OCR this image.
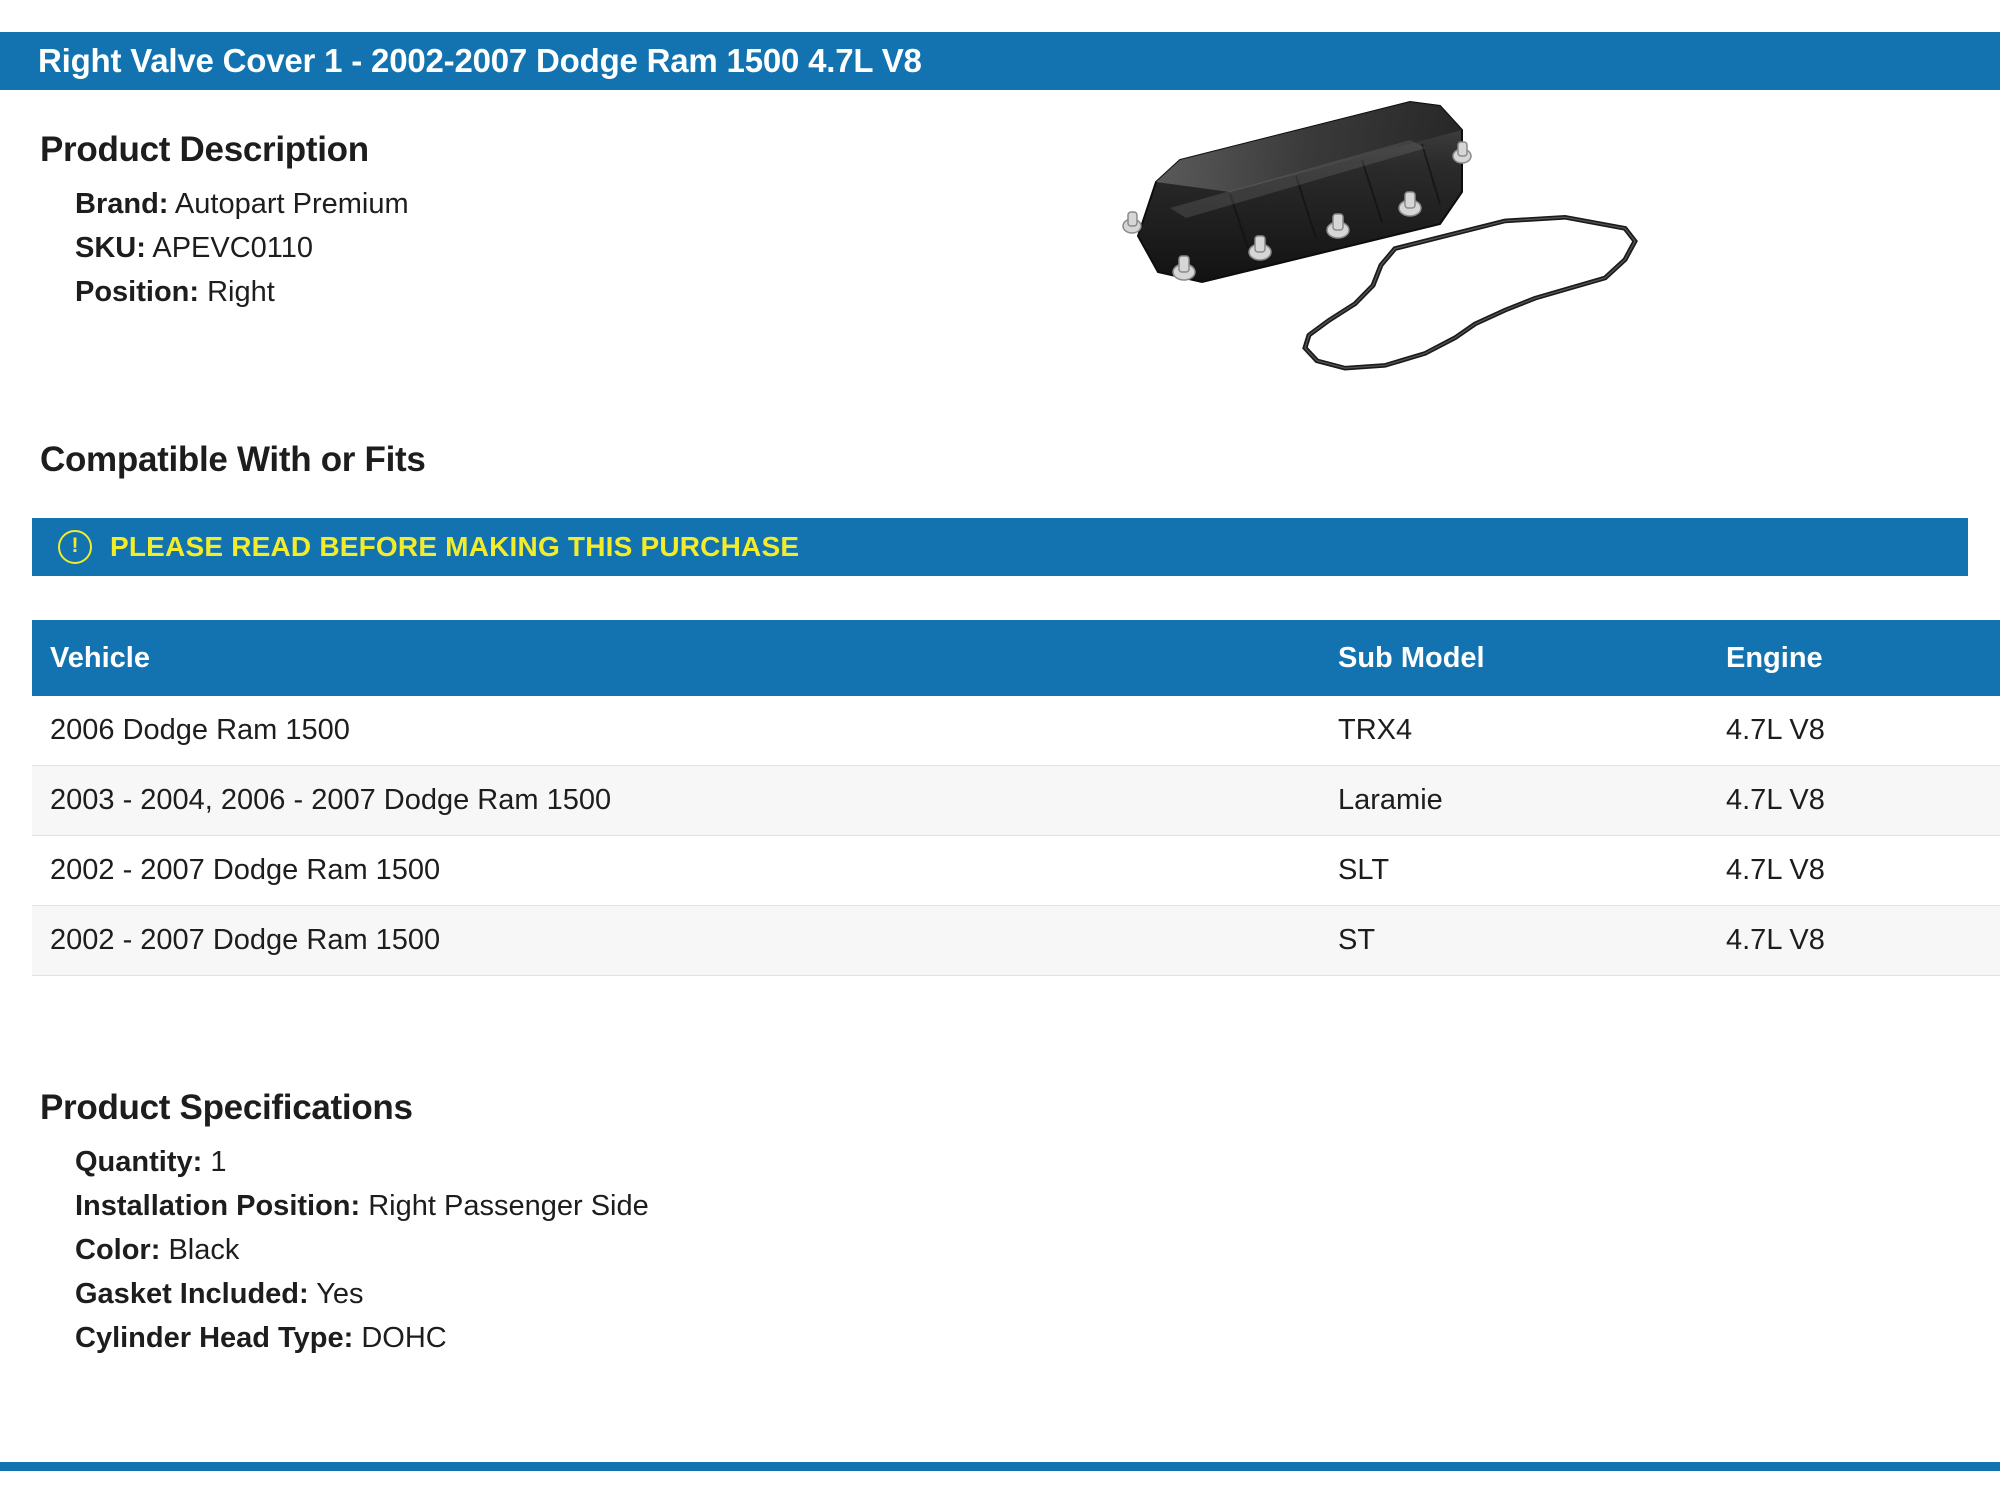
Right Valve Cover 1 - 2002-2007 Dodge Ram 1500 4.7L V8
Product Description
Brand: Autopart Premium
SKU: APEVC0110
Position: Right
Compatible With or Fits
!	PLEASE READ BEFORE MAKING THIS PURCHASE
Vehicle	Sub Model	Engine
2006 Dodge Ram 1500	TRX4	4.7L V8
2003 - 2004, 2006 - 2007 Dodge Ram 1500	Laramie	4.7L V8
2002 - 2007 Dodge Ram 1500	SLT	4.7L V8
2002 - 2007 Dodge Ram 1500	ST	4.7L V8
Product Specifications
Quantity: 1
Installation Position: Right Passenger Side
Color: Black
Gasket Included: Yes
Cylinder Head Type: DOHC
